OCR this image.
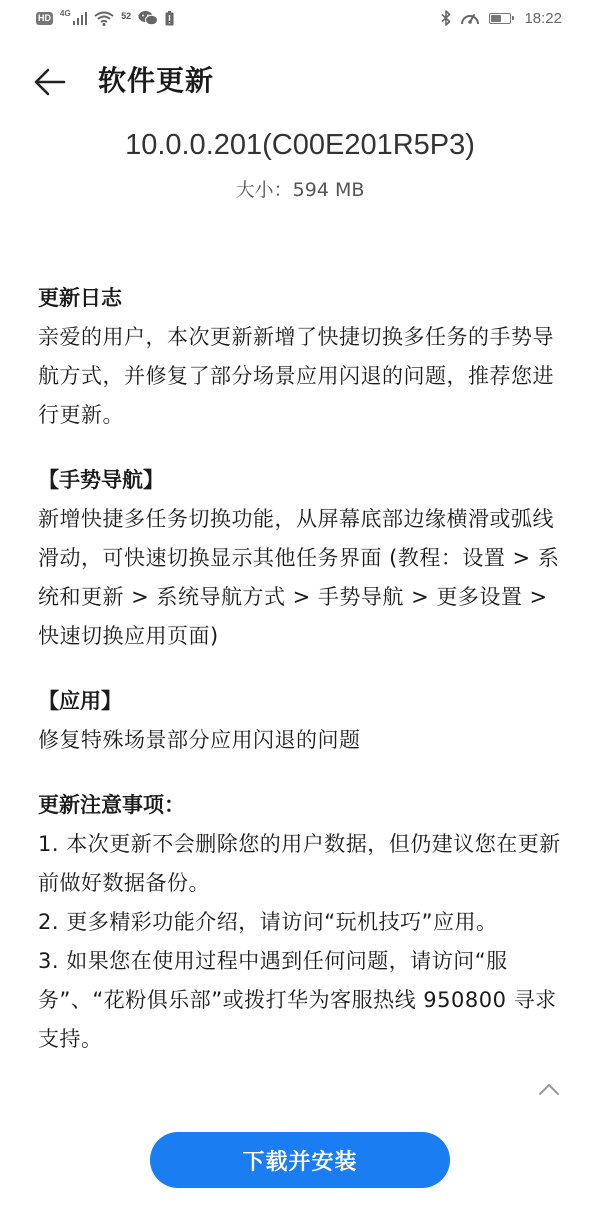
HD 4G	52	18:22
软件更新
10.0.0.201(C00E201R5P3)
大小：594 MB
更新日志

亲爱的用户，本次更新新增了快捷切换多任务的手势导航方式，并修复了部分场景应用闪退的问题，推荐您进行更新。

【手势导航】

新增快捷多任务切换功能，从屏幕底部边缘横滑或弧线滑动，可快速切换显示其他任务界面 (教程：设置 > 系统和更新 > 系统导航方式 > 手势导航 > 更多设置 > 快速切换应用页面)

【应用】

修复特殊场景部分应用闪退的问题

更新注意事项：

1. 本次更新不会删除您的用户数据，但仍建议您在更新前做好数据备份。

2. 更多精彩功能介绍，请访问“玩机技巧”应用。

3. 如果您在使用过程中遇到任何问题，请访问“服务”、“花粉俱乐部”或拨打华为客服热线 950800 寻求支持。

下载并安装
